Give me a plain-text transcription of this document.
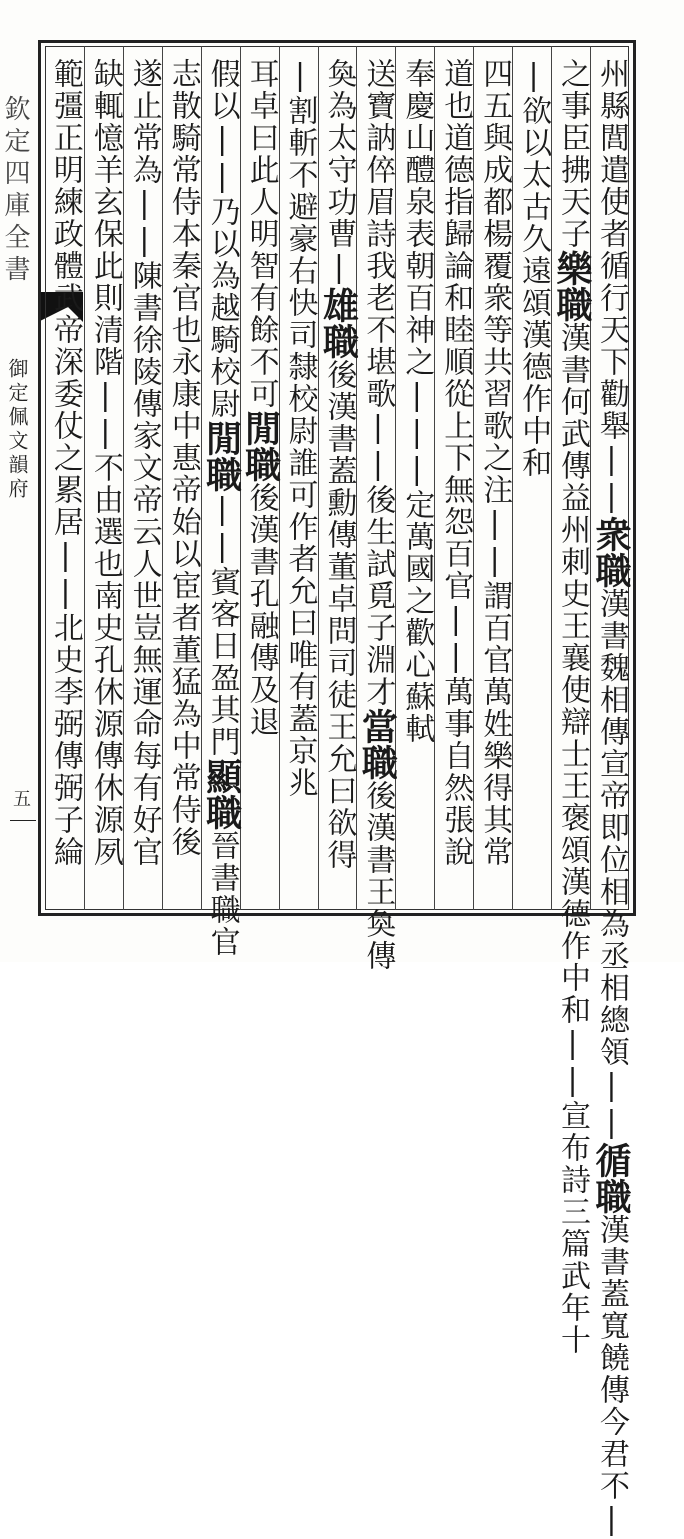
欽定四庫全書
御定佩文韻府
五
州縣閭遣使者循行天下勸舉||衆職漢書魏相傳宣帝即位相為丞相總領||循職漢書蓋寬饒傳今君不|
之事臣拂天子樂職漢書何武傳益州刺史王襄使辯士王褒頌漢德作中和||宣布詩三篇武年十
|欲以太古久遠頌漢德作中和
四五與成都楊覆衆等共習歌之注||謂百官萬姓樂得其常
道也道德指歸論和睦順從上下無怨百官||萬事自然張說
奉慶山醴泉表朝百神之|||定萬國之歡心蘇軾
送寶訥倅眉詩我老不堪歌||後生試覓子淵才當職後漢書王奐傳
奐為太守功曹|雄職後漢書蓋勳傳董卓問司徒王允曰欲得
|割斬不避豪右快司隸校尉誰可作者允曰唯有蓋京兆
耳卓曰此人明智有餘不可閒職後漢書孔融傳及退
假以||乃以為越騎校尉閒職||賓客日盈其門顯職晉書職官
志散騎常侍本秦官也永康中惠帝始以宦者董猛為中常侍後
遂止常為||陳書徐陵傳家文帝云人世豈無運命每有好官
缺輒憶羊玄保此則清階||不由選也南史孔休源傳休源夙
範彊正明練政體武帝深委仗之累居||北史李弼傳弼子綸
